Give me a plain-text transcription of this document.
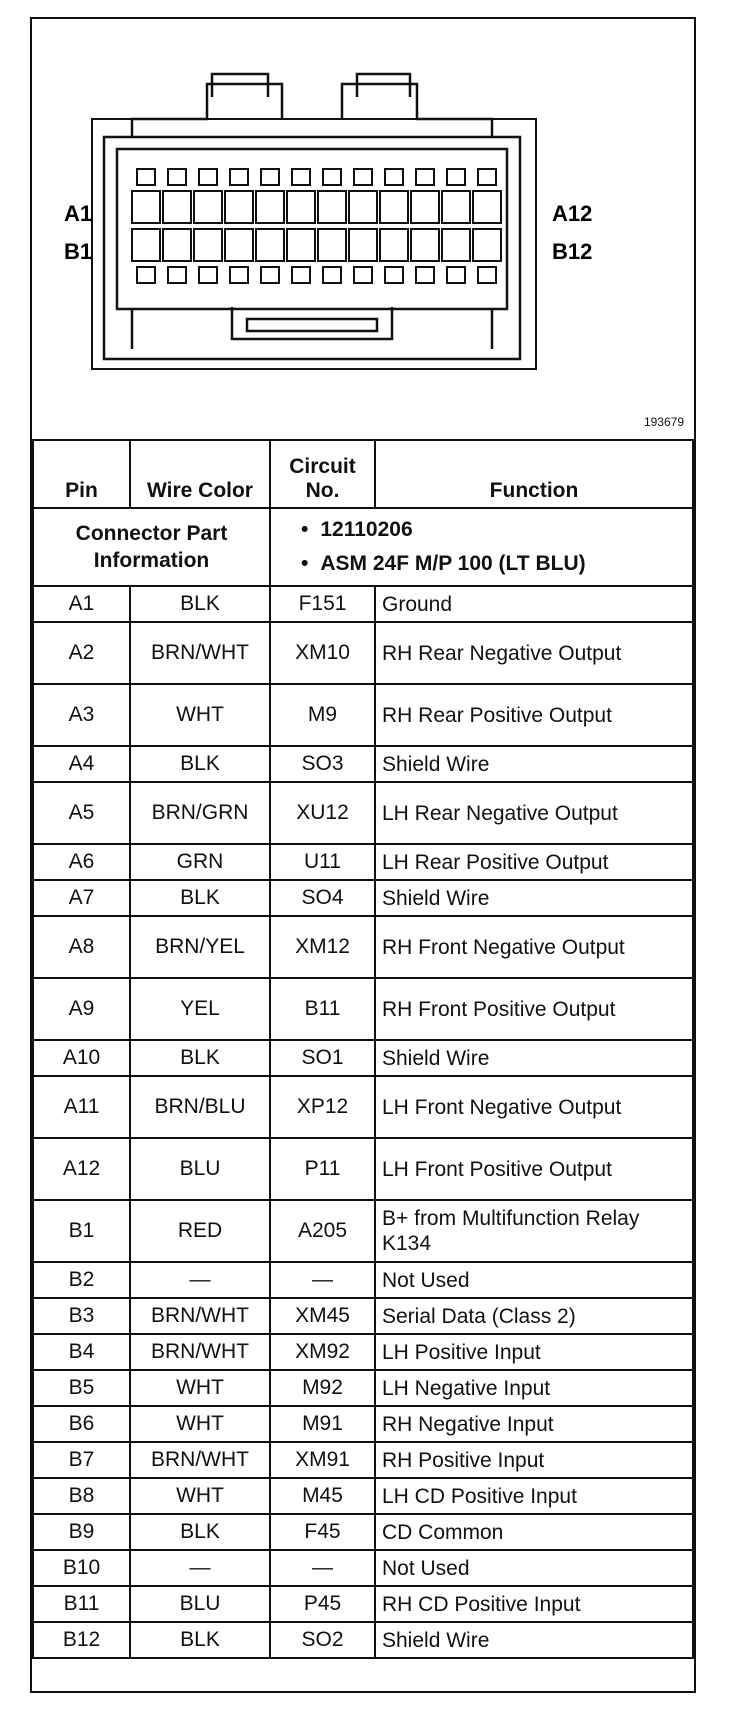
A1
B1
A12
B12
193679
Connector Part Information		• 12110206
• ASM 24F M/P 100 (LT BLU)

Pin	Wire Color	Circuit No.	Function
A1	BLK	F151	Ground
A2	BRN/WHT	XM10	RH Rear Negative Output
A3	WHT	M9	RH Rear Positive Output
A4	BLK	SO3	Shield Wire
A5	BRN/GRN	XU12	LH Rear Negative Output
A6	GRN	U11	LH Rear Positive Output
A7	BLK	SO4	Shield Wire
A8	BRN/YEL	XM12	RH Front Negative Output
A9	YEL	B11	RH Front Positive Output
A10	BLK	SO1	Shield Wire
A11	BRN/BLU	XP12	LH Front Negative Output
A12	BLU	P11	LH Front Positive Output
B1	RED	A205	B+ from Multifunction Relay K134
B2	—	—	Not Used
B3	BRN/WHT	XM45	Serial Data (Class 2)
B4	BRN/WHT	XM92	LH Positive Input
B5	WHT	M92	LH Negative Input
B6	WHT	M91	RH Negative Input
B7	BRN/WHT	XM91	RH Positive Input
B8	WHT	M45	LH CD Positive Input
B9	BLK	F45	CD Common
B10	—	—	Not Used
B11	BLU	P45	RH CD Positive Input
B12	BLK	SO2	Shield Wire
